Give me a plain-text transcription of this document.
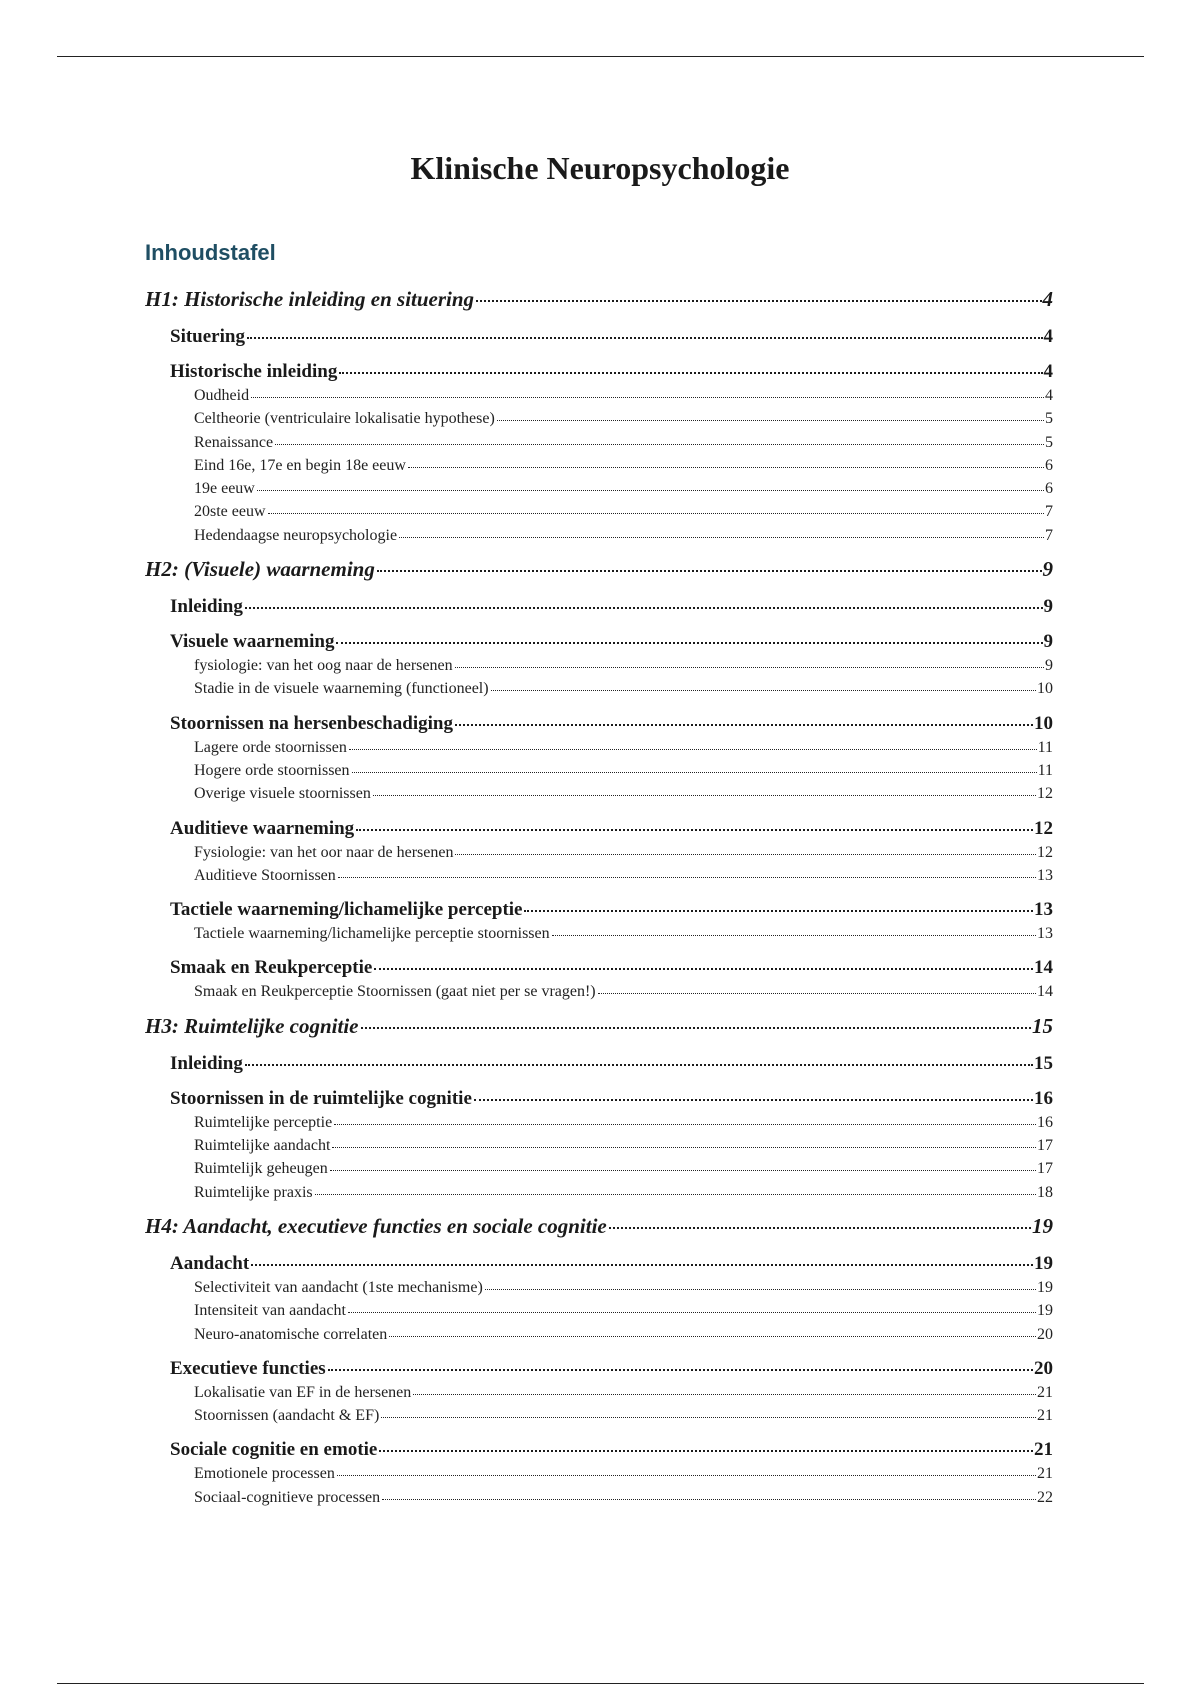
Klinische Neuropsychologie
Inhoudstafel
H1: Historische inleiding en situering	4
Situering	4
Historische inleiding	4
Oudheid	4
Celtheorie (ventriculaire lokalisatie hypothese)	5
Renaissance	5
Eind 16e, 17e en begin 18e eeuw	6
19e eeuw	6
20ste eeuw	7
Hedendaagse neuropsychologie	7
H2: (Visuele) waarneming	9
Inleiding	9
Visuele waarneming	9
fysiologie: van het oog naar de hersenen	9
Stadie in de visuele waarneming (functioneel)	10
Stoornissen na hersenbeschadiging	10
Lagere orde stoornissen	11
Hogere orde stoornissen	11
Overige visuele stoornissen	12
Auditieve waarneming	12
Fysiologie: van het oor naar de hersenen	12
Auditieve Stoornissen	13
Tactiele waarneming/lichamelijke perceptie	13
Tactiele waarneming/lichamelijke perceptie stoornissen	13
Smaak en Reukperceptie	14
Smaak en Reukperceptie Stoornissen (gaat niet per se vragen!)	14
H3: Ruimtelijke cognitie	15
Inleiding	15
Stoornissen in de ruimtelijke cognitie	16
Ruimtelijke perceptie	16
Ruimtelijke aandacht	17
Ruimtelijk geheugen	17
Ruimtelijke praxis	18
H4: Aandacht, executieve functies en sociale cognitie	19
Aandacht	19
Selectiviteit van aandacht (1ste mechanisme)	19
Intensiteit van aandacht	19
Neuro-anatomische correlaten	20
Executieve functies	20
Lokalisatie van EF in de hersenen	21
Stoornissen (aandacht & EF)	21
Sociale cognitie en emotie	21
Emotionele processen	21
Sociaal-cognitieve processen	22
